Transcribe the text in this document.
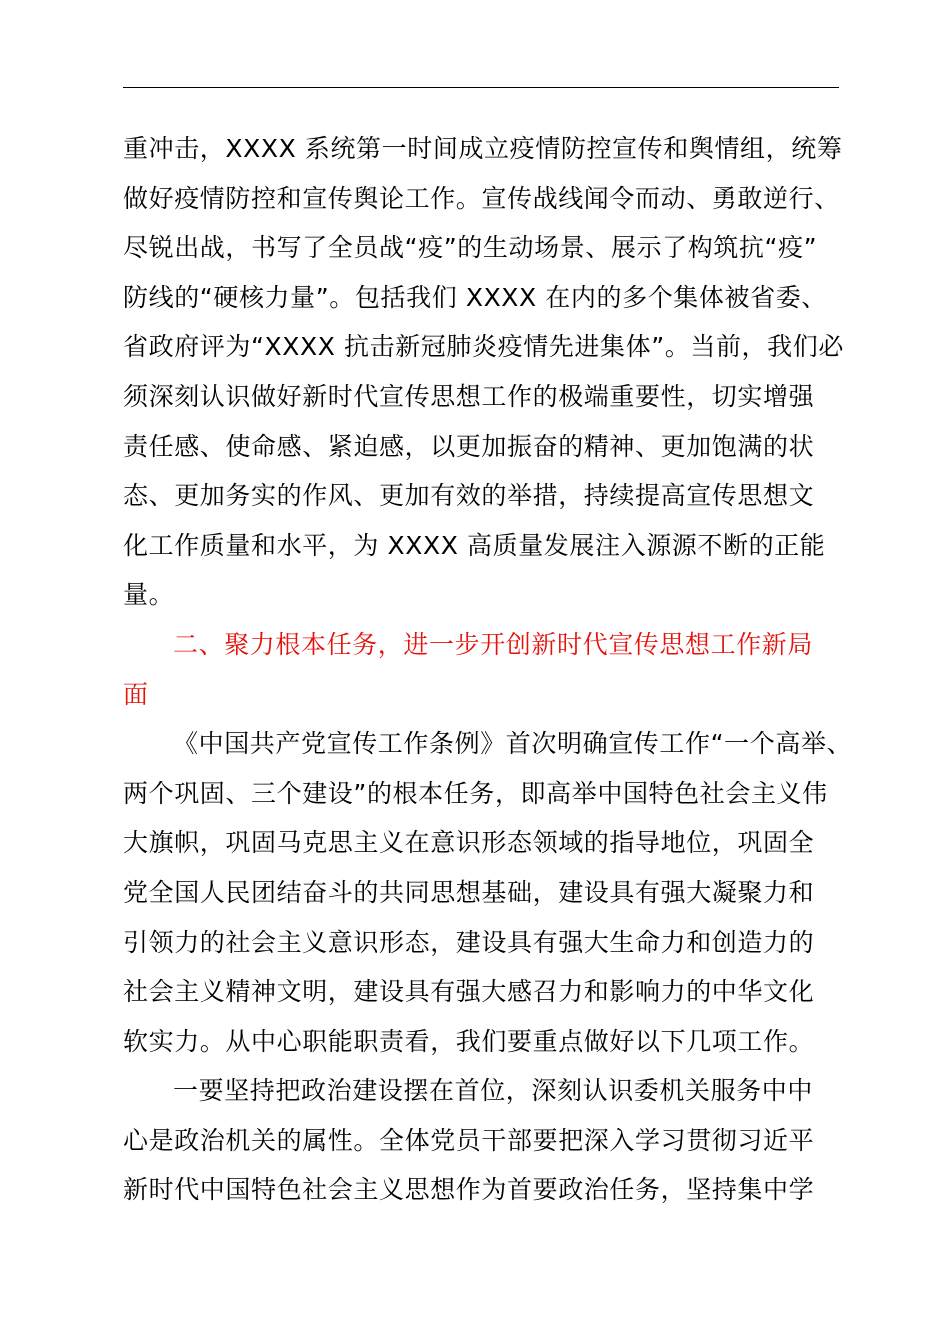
重冲击，XXXX 系统第一时间成立疫情防控宣传和舆情组，统筹
做好疫情防控和宣传舆论工作。宣传战线闻令而动、勇敢逆行、
尽锐出战，书写了全员战“疫”的生动场景、展示了构筑抗“疫”
防线的“硬核力量”。包括我们 XXXX 在内的多个集体被省委、
省政府评为“XXXX 抗击新冠肺炎疫情先进集体”。当前，我们必
须深刻认识做好新时代宣传思想工作的极端重要性，切实增强
责任感、使命感、紧迫感，以更加振奋的精神、更加饱满的状
态、更加务实的作风、更加有效的举措，持续提高宣传思想文
化工作质量和水平，为 XXXX 高质量发展注入源源不断的正能
量。
二、聚力根本任务，进一步开创新时代宣传思想工作新局
面
《中国共产党宣传工作条例》首次明确宣传工作“一个高举、
两个巩固、三个建设”的根本任务，即高举中国特色社会主义伟
大旗帜，巩固马克思主义在意识形态领域的指导地位，巩固全
党全国人民团结奋斗的共同思想基础，建设具有强大凝聚力和
引领力的社会主义意识形态，建设具有强大生命力和创造力的
社会主义精神文明，建设具有强大感召力和影响力的中华文化
软实力。从中心职能职责看，我们要重点做好以下几项工作。
一要坚持把政治建设摆在首位，深刻认识委机关服务中中
心是政治机关的属性。全体党员干部要把深入学习贯彻习近平
新时代中国特色社会主义思想作为首要政治任务，坚持集中学
